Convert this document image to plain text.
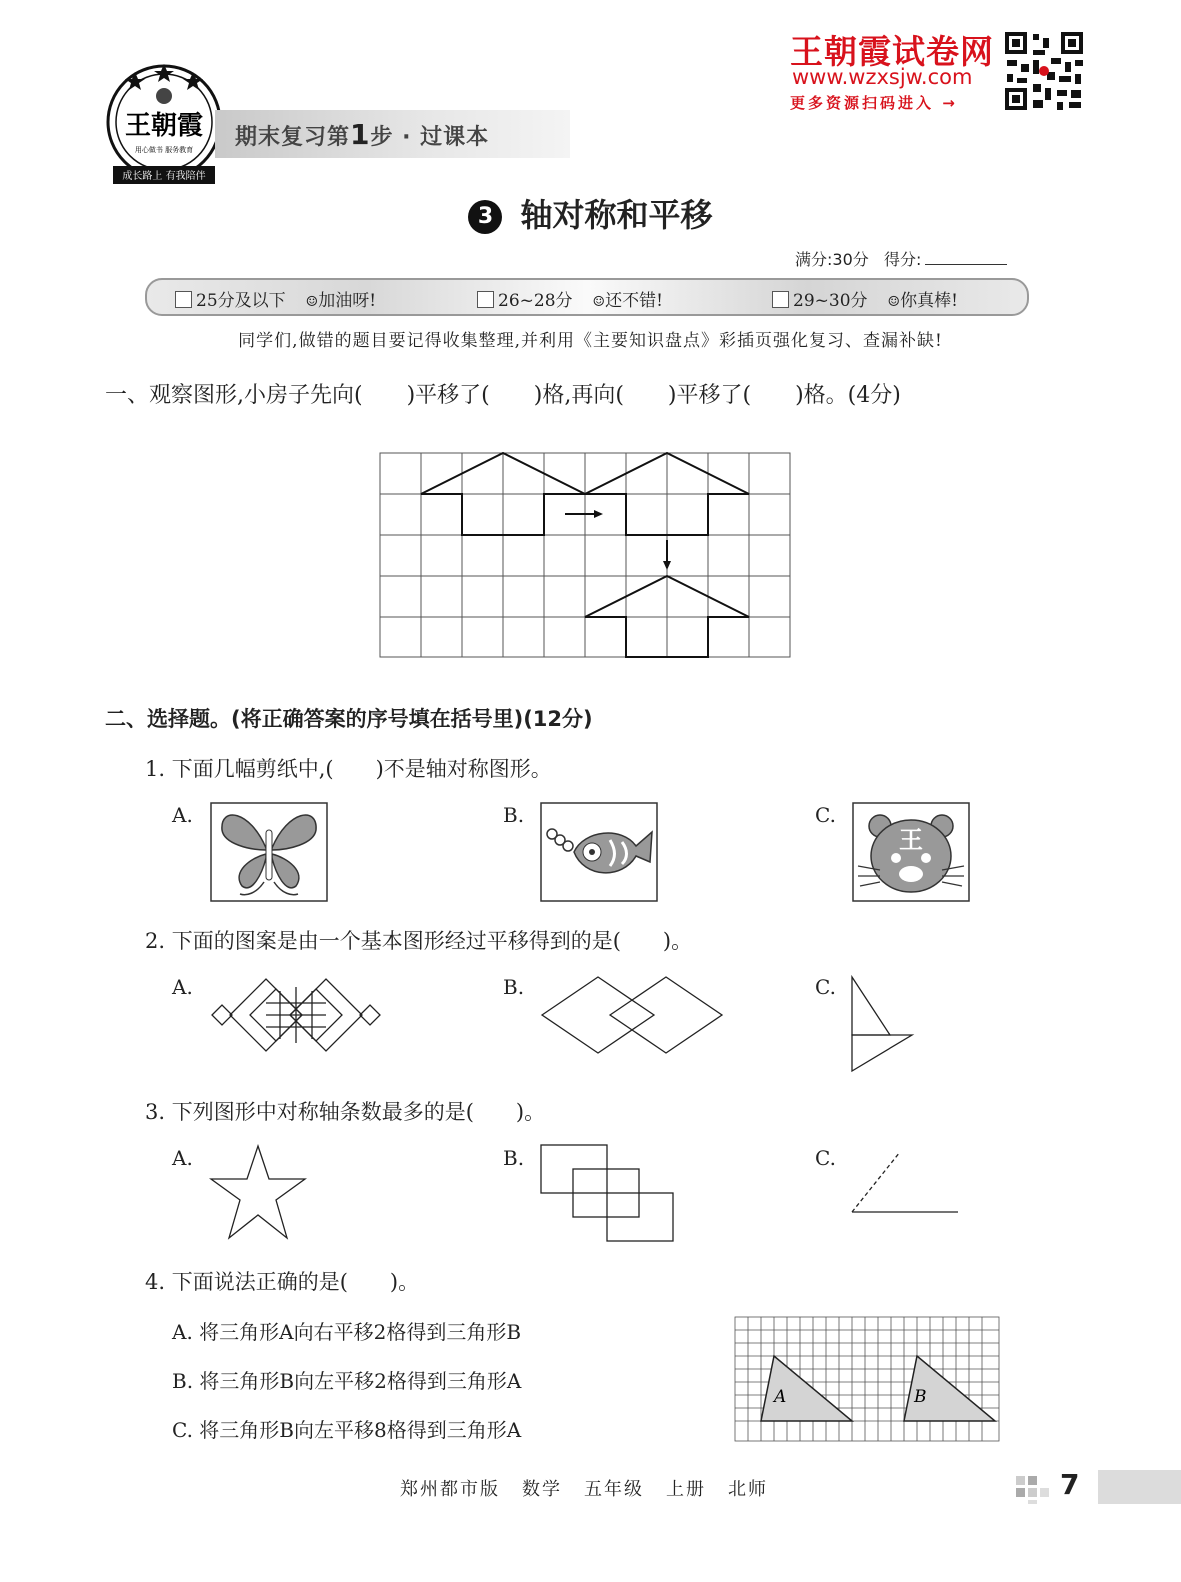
王朝霞
用心做书 服务教育
成长路上 有我陪伴
期末复习第1步 · 过课本
王朝霞试卷网
www.wzxsjw.com
更多资源扫码进入 →
3 轴对称和平移
满分:30分 得分:
25分及以下 ☺加油呀!	26~28分 ☺还不错!	29~30分 ☺你真棒!
同学们,做错的题目要记得收集整理,并利用《主要知识盘点》彩插页强化复习、查漏补缺!
一、观察图形,小房子先向(　　)平移了(　　)格,再向(　　)平移了(　　)格。(4分)
二、选择题。(将正确答案的序号填在括号里)(12分)
1. 下面几幅剪纸中,(　　)不是轴对称图形。
A.	B.	C.
王
2. 下面的图案是由一个基本图形经过平移得到的是(　　)。
A.	B.	C.
3. 下列图形中对称轴条数最多的是(　　)。
A.	B.	C.
4. 下面说法正确的是(　　)。
A. 将三角形A向右平移2格得到三角形B
B. 将三角形B向左平移2格得到三角形A
C. 将三角形B向左平移8格得到三角形A
A	B
郑州都市版 数学 五年级 上册 北师	7
